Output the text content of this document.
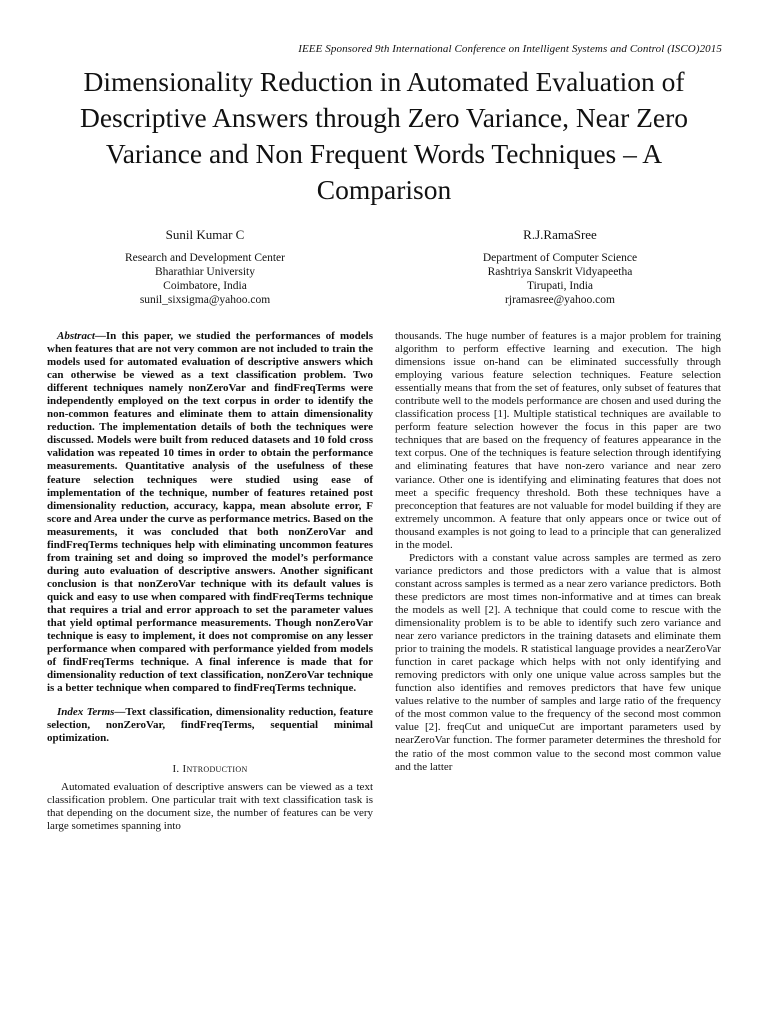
IEEE Sponsored 9th International Conference on Intelligent Systems and Control (ISCO)2015
Dimensionality Reduction in Automated Evaluation of Descriptive Answers through Zero Variance, Near Zero Variance and Non Frequent Words Techniques – A Comparison
Sunil Kumar C
Research and Development Center
Bharathiar University
Coimbatore, India
sunil_sixsigma@yahoo.com
R.J.RamaSree
Department of Computer Science
Rashtriya Sanskrit Vidyapeetha
Tirupati, India
rjramasree@yahoo.com

Abstract—In this paper, we studied the performances of models when features that are not very common are not included to train the models used for automated evaluation of descriptive answers which can otherwise be viewed as a text classification problem. Two different techniques namely nonZeroVar and findFreqTerms were independently employed on the text corpus in order to identify the non-common features and eliminate them to attain dimensionality reduction. The implementation details of both the techniques were discussed. Models were built from reduced datasets and 10 fold cross validation was repeated 10 times in order to obtain the performance measurements. Quantitative analysis of the usefulness of these feature selection techniques were studied using ease of implementation of the technique, number of features retained post dimensionality reduction, accuracy, kappa, mean absolute error, F score and Area under the curve as performance metrics. Based on the measurements, it was concluded that both nonZeroVar and findFreqTerms techniques help with eliminating uncommon features from training set and doing so improved the model’s performance during auto evaluation of descriptive answers. Another significant conclusion is that nonZeroVar technique with its default values is quick and easy to use when compared with findFreqTerms technique that requires a trial and error approach to set the parameter values that yield optimal performance measurements. Though nonZeroVar technique is easy to implement, it does not compromise on any lesser performance when compared with performance yielded from models of findFreqTerms technique. A final inference is made that for dimensionality reduction of text classification, nonZeroVar technique is a better technique when compared to findFreqTerms technique.

Index Terms—Text classification, dimensionality reduction, feature selection, nonZeroVar, findFreqTerms, sequential minimal optimization.

I. Introduction

Automated evaluation of descriptive answers can be viewed as a text classification problem. One particular trait with text classification task is that depending on the document size, the number of features can be very large sometimes spanning into

thousands. The huge number of features is a major problem for training algorithm to perform effective learning and execution. The high dimensions issue on-hand can be eliminated successfully through employing various feature selection techniques. Feature selection essentially means that from the set of features, only subset of features that contribute well to the models performance are chosen and used during the classification process [1]. Multiple statistical techniques are available to perform feature selection however the focus in this paper are two techniques that are based on the frequency of features appearance in the text corpus. One of the techniques is feature selection through identifying and eliminating features that have non-zero variance and near zero variance. Other one is identifying and eliminating features that does not meet a specific frequency threshold. Both these techniques have a preconception that features are not valuable for model building if they are extremely uncommon. A feature that only appears once or twice out of thousand examples is not going to lead to a principle that can generalized in the model.

Predictors with a constant value across samples are termed as zero variance predictors and those predictors with a value that is almost constant across samples is termed as a near zero variance predictors. Both these predictors are most times non-informative and at times can break the models as well [2]. A technique that could come to rescue with the dimensionality problem is to be able to identify such zero variance and near zero variance predictors in the training datasets and eliminate them prior to training the models. R statistical language provides a nearZeroVar function in caret package which helps with not only identifying and removing predictors with only one unique value across samples but the function also identifies and removes predictors that have few unique values relative to the number of samples and large ratio of the frequency of the most common value to the frequency of the second most common value [2]. freqCut and uniqueCut are important parameters used by nearZeroVar function. The former parameter determines the threshold for the ratio of the most common value to the second most common value and the latter
